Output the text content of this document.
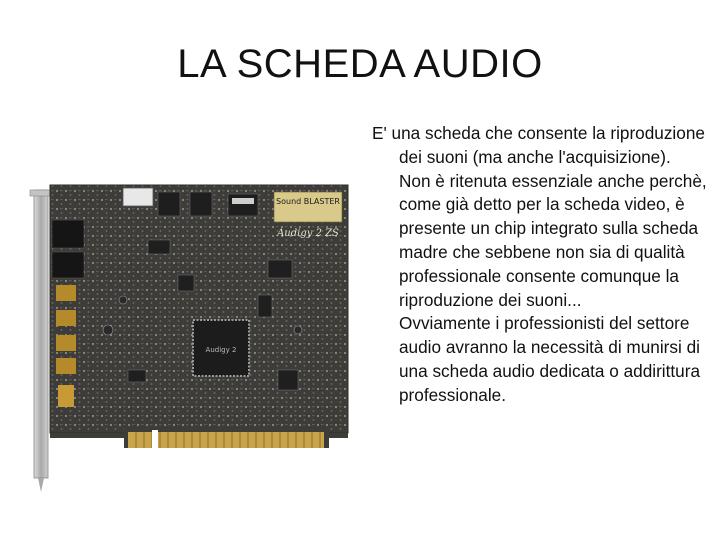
LA SCHEDA AUDIO
Sound BLASTER
Audigy 2 ZS
Audigy 2

E' una scheda che consente la riproduzione dei suoni (ma anche l'acquisizione).

Non è ritenuta essenziale anche perchè, come già detto per la scheda video, è presente un chip integrato sulla scheda madre che sebbene non sia di qualità professionale consente comunque la riproduzione dei suoni...

Ovviamente i professionisti del settore audio avranno la necessità di munirsi di una scheda audio dedicata o addirittura professionale.
